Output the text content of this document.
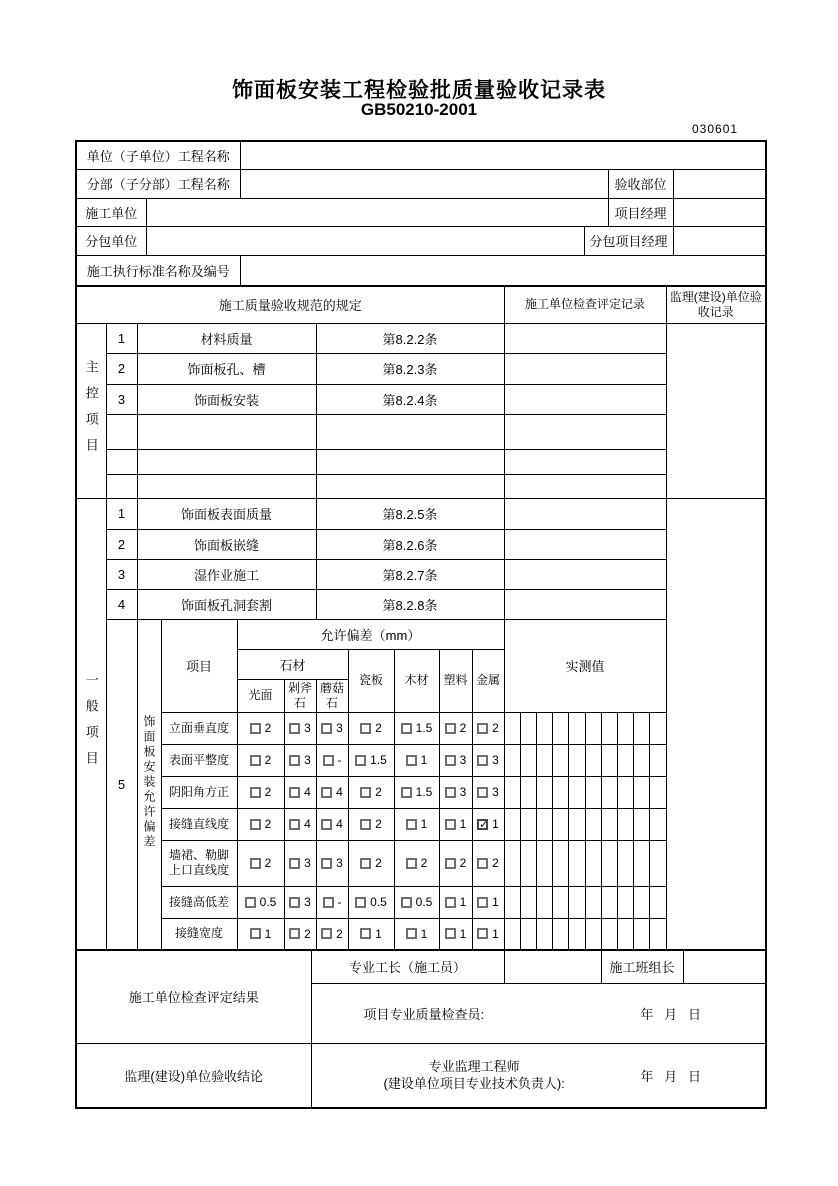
饰面板安装工程检验批质量验收记录表
GB50210-2001
030601
单位（子单位）工程名称					
分部（子分部）工程名称				验收部位	
施工单位				项目经理	
分包单位			分包项目经理		
施工执行标准名称及编号					
施工质量验收规范的规定											施工单位检查评定记录										监理(建设)单位验收记录
主控项目	1	材料质量				第8.2.2条															
	2	饰面板孔、槽				第8.2.3条															
	3	饰面板安装				第8.2.4条															

一般项目	1	饰面板表面质量				第8.2.5条															
	2	饰面板嵌缝				第8.2.6条															
	3	湿作业施工				第8.2.7条															
	4	饰面板孔洞套割				第8.2.8条															
	5	饰面板安装允许偏差	项目	允许偏差（mm）							实测值										
				石材			瓷板	木材	塑料	金属											
				光面	剁斧石	蘑菇石															
			立面垂直度	2	3	3	2	1.5	2	2											

			表面平整度	2	3	-	1.5	1	3	3											

			阴阳角方正	2	4	4	2	1.5	3	3											

			接缝直线度	2	4	4	2	1	1	✓ 1											

			墙裙、勒脚上口直线度	2	3	3	2	2	2	2											

			接缝高低差	0.5	3	-	0.5	0.5	1	1											

			接缝宽度	1	2	2	1	1	1	1											

施工单位检查评定结果	专业工长（施工员）		施工班组长	

	项目专业质量检查员: 年   月   日			

监理(建设)单位验收结论	专业监理工程师
(建设单位项目专业技术负责人): 年   月   日			
